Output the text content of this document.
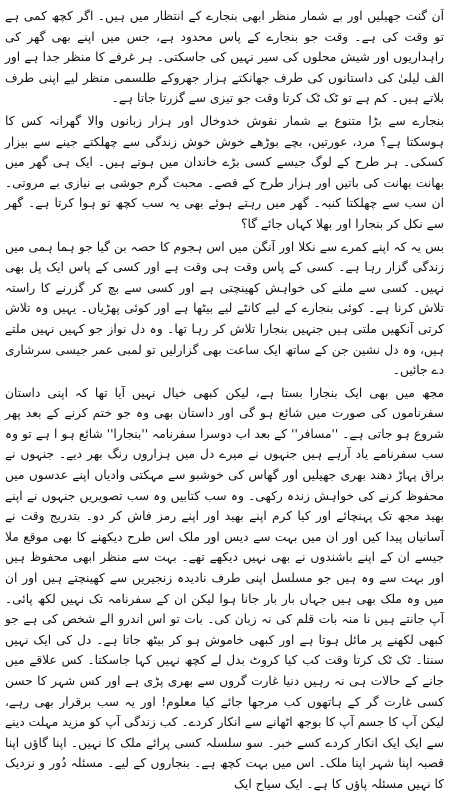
اَن گنت جھیلیں اور بے شمار منظر ابھی بنجارے کے انتظار میں ہیں۔ اگر کچھ کمی ہے تو وقت کی ہے۔ وقت جو بنجارے کے پاس محدود ہے، جس میں اپنے بھی گھر کی راہداریوں اور شیش محلوں کی سیر نہیں کی جاسکتی۔ ہر غرفے کا منظر جدا ہے اور الف لیلیٰ کی داستانوں کی طرف جھانکتے ہزار جھروکے طلسمی منظر لیے اپنی طرف بلاتے ہیں۔ کم ہے تو ٹک ٹک کرتا وقت جو تیزی سے گزرتا جاتا ہے۔

بنجارے سے بڑا متنوع بے شمار نقوش خدوخال اور ہزار زبانوں والا گھرانہ کس کا ہوسکتا ہے؟ مرد، عورتیں، بچے بوڑھے خوش خوش زندگی سے چھلکتے جینے سے بیزار کسکی۔ ہر طرح کے لوگ جیسے کسی بڑے خاندان میں ہوتے ہیں۔ ایک ہی گھر میں بھانت بھانت کی باتیں اور ہزار طرح کے قصے۔ محبت گرم جوشی بے نیازی بے مروتی۔ ان سب سے چھلکتا کنبہ۔ گھر میں رہتے ہوئے بھی یہ سب کچھ تو ہوا کرتا ہے۔ گھر سے نکل کر بنجارا اور بھلا کہاں جائے گا؟

بس یہ کہ اپنے کمرے سے نکلا اور آنگن میں اس ہجوم کا حصہ بن گیا جو ہما ہمی میں زندگی گزار رہا ہے۔ کسی کے پاس وقت ہی وقت ہے اور کسی کے پاس ایک پل بھی نہیں۔ کسی سے ملنے کی خواہش کھینچتی ہے اور کسی سے بچ کر گزرنے کا راستہ تلاش کرنا ہے۔ کوئی بنجارے کے لیے کانٹے لیے بیٹھا ہے اور کوئی پھڑیاں۔ یہیں وہ تلاش کرتی آنکھیں ملتی ہیں جنہیں بنجارا تلاش کر رہا تھا۔ وہ دل نواز جو کہیں نہیں ملتے ہیں، وہ دل نشین جن کے ساتھ ایک ساعت بھی گزارلیں تو لمبی عمر جیسی سرشاری دے جائیں۔

مجھ میں بھی ایک بنجارا بستا ہے، لیکن کبھی خیال نہیں آیا تھا کہ اپنی داستان سفرناموں کی صورت میں شائع ہو گی اور داستان بھی وہ جو ختم کرنے کے بعد پھر شروع ہو جاتی ہے۔ ''مسافر'' کے بعد اب دوسرا سفرنامہ ''بنجارا'' شائع ہو ا ہے تو وہ سب سفرنامے یاد آرہے ہیں جنہوں نے میرے دل میں ہزاروں رنگ بھر دیے۔ جنہوں نے براق پہاڑ دھند بھری جھیلیں اور گھاس کی خوشبو سے مہکتی وادیاں اپنے عدسوں میں محفوظ کرنے کی خواہش زندہ رکھی۔ وہ سب کتابیں وہ سب تصویریں جنہوں نے اپنے بھید مجھ تک پہنچائے اور کیا کرم اپنے بھید اور اپنے رمز فاش کر دو۔ بتدریج وقت نے آسانیاں پیدا کیں اور ان میں بہت سے دیس اور ملک اس طرح دیکھنے کا بھی موقع ملا جیسے ان کے اپنے باشندوں نے بھی نہیں دیکھے تھے۔ بہت سے منظر ابھی محفوظ ہیں اور بہت سے وہ ہیں جو مسلسل اپنی طرف نادیدہ زنجیریں سے کھینچتے ہیں اور ان میں وہ ملک بھی ہیں جہاں بار بار جانا ہوا لیکن ان کے سفرنامہ تک نہیں لکھ پائی۔ آپ جانتے ہیں نا منہ بات قلم کی نہ زبان کی۔ بات تو اس اندرو الے شخص کی ہے جو کبھی لکھنے پر مائل ہوتا ہے اور کبھی خاموش ہو کر بیٹھ جاتا ہے۔ دل کی ایک نہیں سنتا۔ ٹک ٹک کرتا وقت کب کیا کروٹ بدل لے کچھ نہیں کہا جاسکتا۔ کس علاقے میں جانے کے حالات ہی نہ رہیں دنیا غارت گروں سے بھری پڑی ہے اور کس شہر کا حسن کسی غارت گر کے ہاتھوں کب مرجھا جائے کیا معلوم! اور یہ سب برقرار بھی رہے، لیکن آپ کا جسم آپ کا بوجھ اٹھانے سے انکار کردے۔ کب زندگی آپ کو مزید مہلت دینے سے ایک ایک انکار کردے کسے خبر۔ سو سلسلہ کسی پرائے ملک کا نہیں۔ اپنا گاؤں اپنا قصبہ اپنا شہر اپنا ملک۔ اس میں بہت کچھ ہے۔ بنجاروں کے لیے۔ مسئلہ دُور و نزدیک کا نہیں مسئلہ پاؤں کا ہے۔ ایک سیاح ایک
